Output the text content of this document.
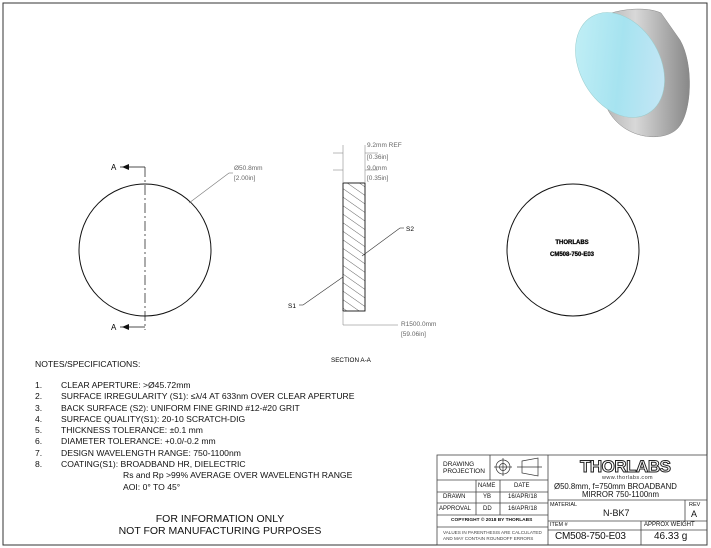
A
A
Ø50.8mm
[2.00in]
9.2mm REF
[0.36in]
9.0mm
[0.35in]
S2
S1
R1500.0mm
[59.06in]
SECTION A-A
THORLABS
CM508-750-E03
NOTES/SPECIFICATIONS:
1. CLEAR APERTURE: >Ø45.72mm
2. SURFACE IRREGULARITY (S1): ≤λ/4 AT 633nm OVER CLEAR APERTURE
3. BACK SURFACE (S2): UNIFORM FINE GRIND #12-#20 GRIT
4. SURFACE QUALITY(S1): 20-10 SCRATCH-DIG
5. THICKNESS TOLERANCE: ±0.1 mm
6. DIAMETER TOLERANCE: +0.0/-0.2 mm
7. DESIGN WAVELENGTH RANGE: 750-1100nm
8. COATING(S1): BROADBAND HR, DIELECTRIC
Rs and Rp >99% AVERAGE OVER WAVELENGTH RANGE
AOI: 0° TO 45°
FOR INFORMATION ONLY
NOT FOR MANUFACTURING PURPOSES
DRAWING
PROJECTION
NAME	DATE
DRAWN	YB	16/APR/18
APPROVAL DD	16/APR/18
COPYRIGHT © 2018 BY THORLABS
VALUES IN PARENTHESIS ARE CALCULATED
AND MAY CONTAIN ROUNDOFF ERRORS
THORLABS
www.thorlabs.com
Ø50.8mm, f=750mm BROADBAND
MIRROR 750-1100nm
MATERIAL
N-BK7
REV
A
ITEM #
CM508-750-E03
APPROX WEIGHT
46.33 g
